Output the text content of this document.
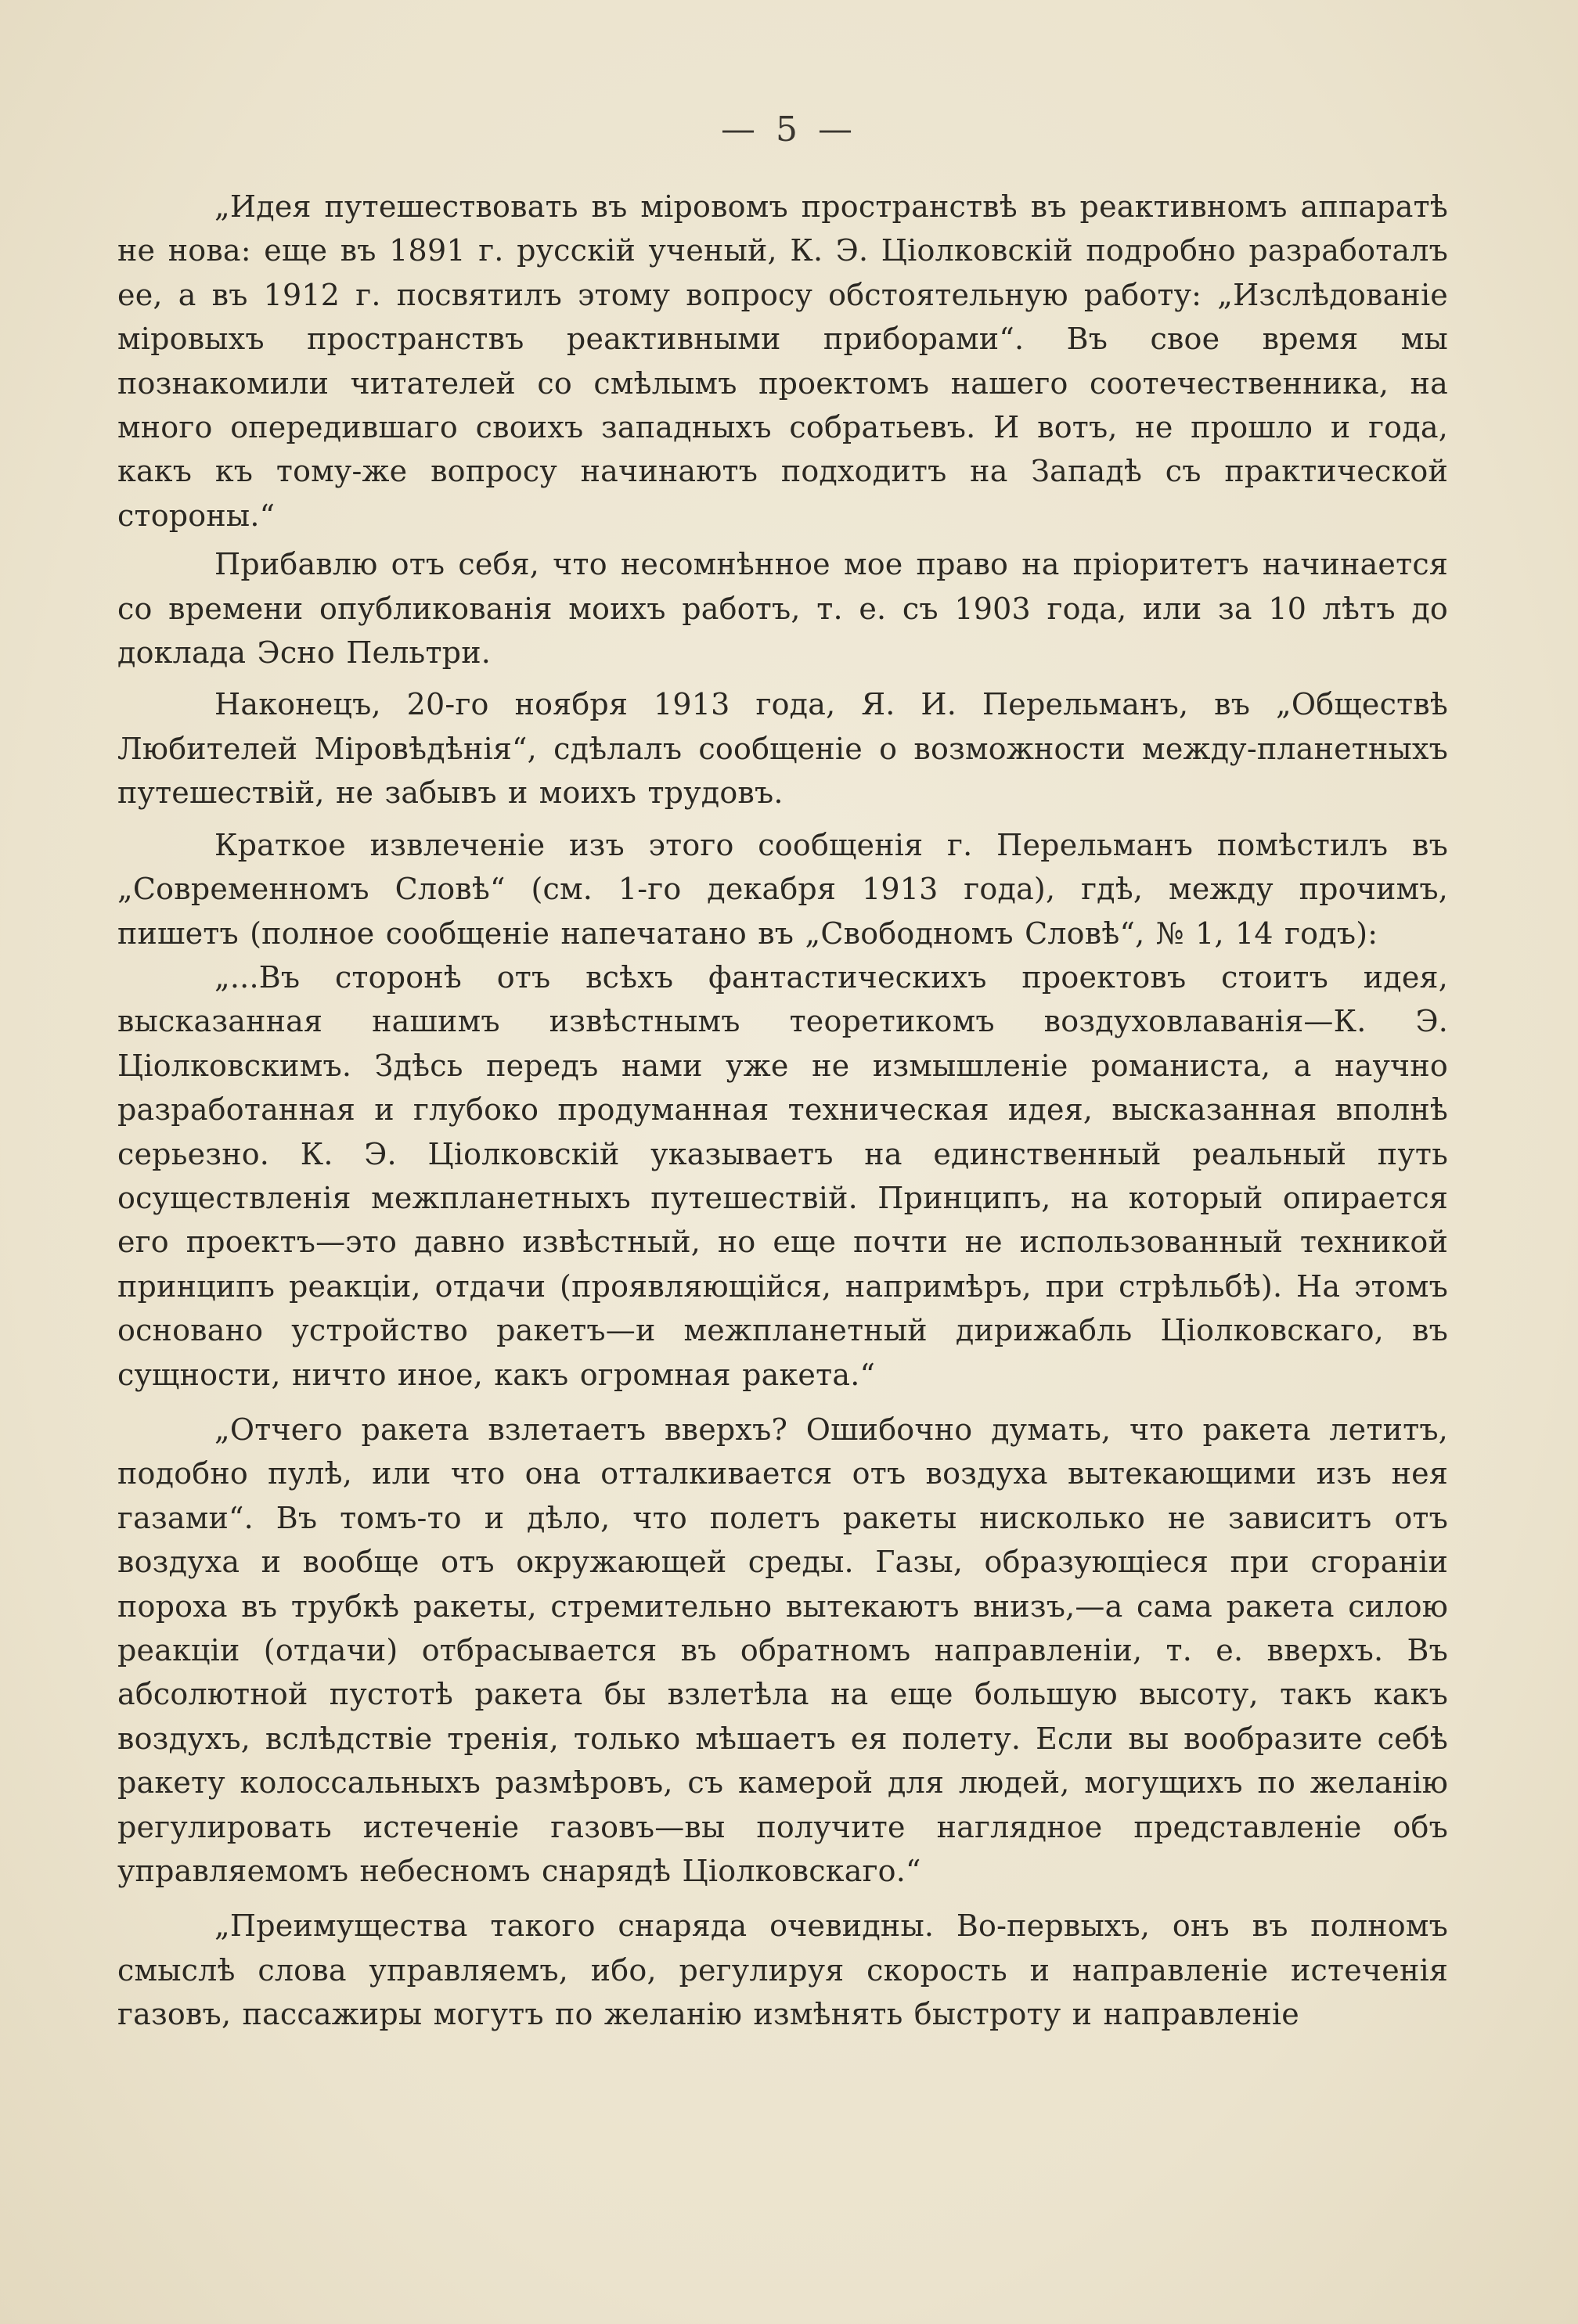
— 5 —

„Идея путешествовать въ міровомъ пространствѣ въ реактивномъ аппаратѣ не нова: еще въ 1891 г. русскій ученый, К. Э. Ціолковскій подробно разработалъ ее, а въ 1912 г. посвятилъ этому вопросу обстоятельную работу: „Изслѣдованіе міровыхъ пространствъ реактивными приборами“. Въ свое время мы познакомили читателей со смѣлымъ проектомъ нашего соотечественника, на много опередившаго своихъ западныхъ собратьевъ. И вотъ, не прошло и года, какъ къ тому-же вопросу начинаютъ подходитъ на Западѣ съ практической стороны.“

Прибавлю отъ себя, что несомнѣнное мое право на пріоритетъ начинается со времени опубликованія моихъ работъ, т. е. съ 1903 года, или за 10 лѣтъ до доклада Эсно Пельтри.

Наконецъ, 20-го ноября 1913 года, Я. И. Перельманъ, въ „Обществѣ Любителей Міровѣдѣнія“, сдѣлалъ сообщеніе о возможности между-планетныхъ путешествій, не забывъ и моихъ трудовъ.

Краткое извлеченіе изъ этого сообщенія г. Перельманъ помѣстилъ въ „Современномъ Словѣ“ (см. 1-го декабря 1913 года), гдѣ, между прочимъ, пишетъ (полное сообщеніе напечатано въ „Свободномъ Словѣ“, № 1, 14 годъ):

„...Въ сторонѣ отъ всѣхъ фантастическихъ проектовъ стоитъ идея, высказанная нашимъ извѣстнымъ теоретикомъ воздуховлаванія—К. Э. Ціолковскимъ. Здѣсь передъ нами уже не измышленіе романиста, а научно разработанная и глубоко продуманная техническая идея, высказанная вполнѣ серьезно. К. Э. Ціолковскій указываетъ на единственный реальный путь осуществленія межпланетныхъ путешествій. Принципъ, на который опирается его проектъ—это давно извѣстный, но еще почти не использованный техникой принципъ реакціи, отдачи (проявляющійся, напримѣръ, при стрѣльбѣ). На этомъ основано устройство ракетъ—и межпланетный дирижабль Ціолковскаго, въ сущности, ничто иное, какъ огромная ракета.“

„Отчего ракета взлетаетъ вверхъ? Ошибочно думать, что ракета летитъ, подобно пулѣ, или что она отталкивается отъ воздуха вытекающими изъ нея газами“. Въ томъ-то и дѣло, что полетъ ракеты нисколько не зависитъ отъ воздуха и вообще отъ окружающей среды. Газы, образующіеся при сгораніи пороха въ трубкѣ ракеты, стремительно вытекаютъ внизъ,—а сама ракета силою реакціи (отдачи) отбрасывается въ обратномъ направленіи, т. е. вверхъ. Въ абсолютной пустотѣ ракета бы взлетѣла на еще большую высоту, такъ какъ воздухъ, вслѣдствіе тренія, только мѣшаетъ ея полету. Если вы вообразите себѣ ракету колоссальныхъ размѣровъ, съ камерой для людей, могущихъ по желанію регулировать истеченіе газовъ—вы получите наглядное представленіе объ управляемомъ небесномъ снарядѣ Ціолковскаго.“

„Преимущества такого снаряда очевидны. Во-первыхъ, онъ въ полномъ смыслѣ слова управляемъ, ибо, регулируя скорость и направленіе истеченія газовъ, пассажиры могутъ по желанію измѣнять быстроту и направленіе
